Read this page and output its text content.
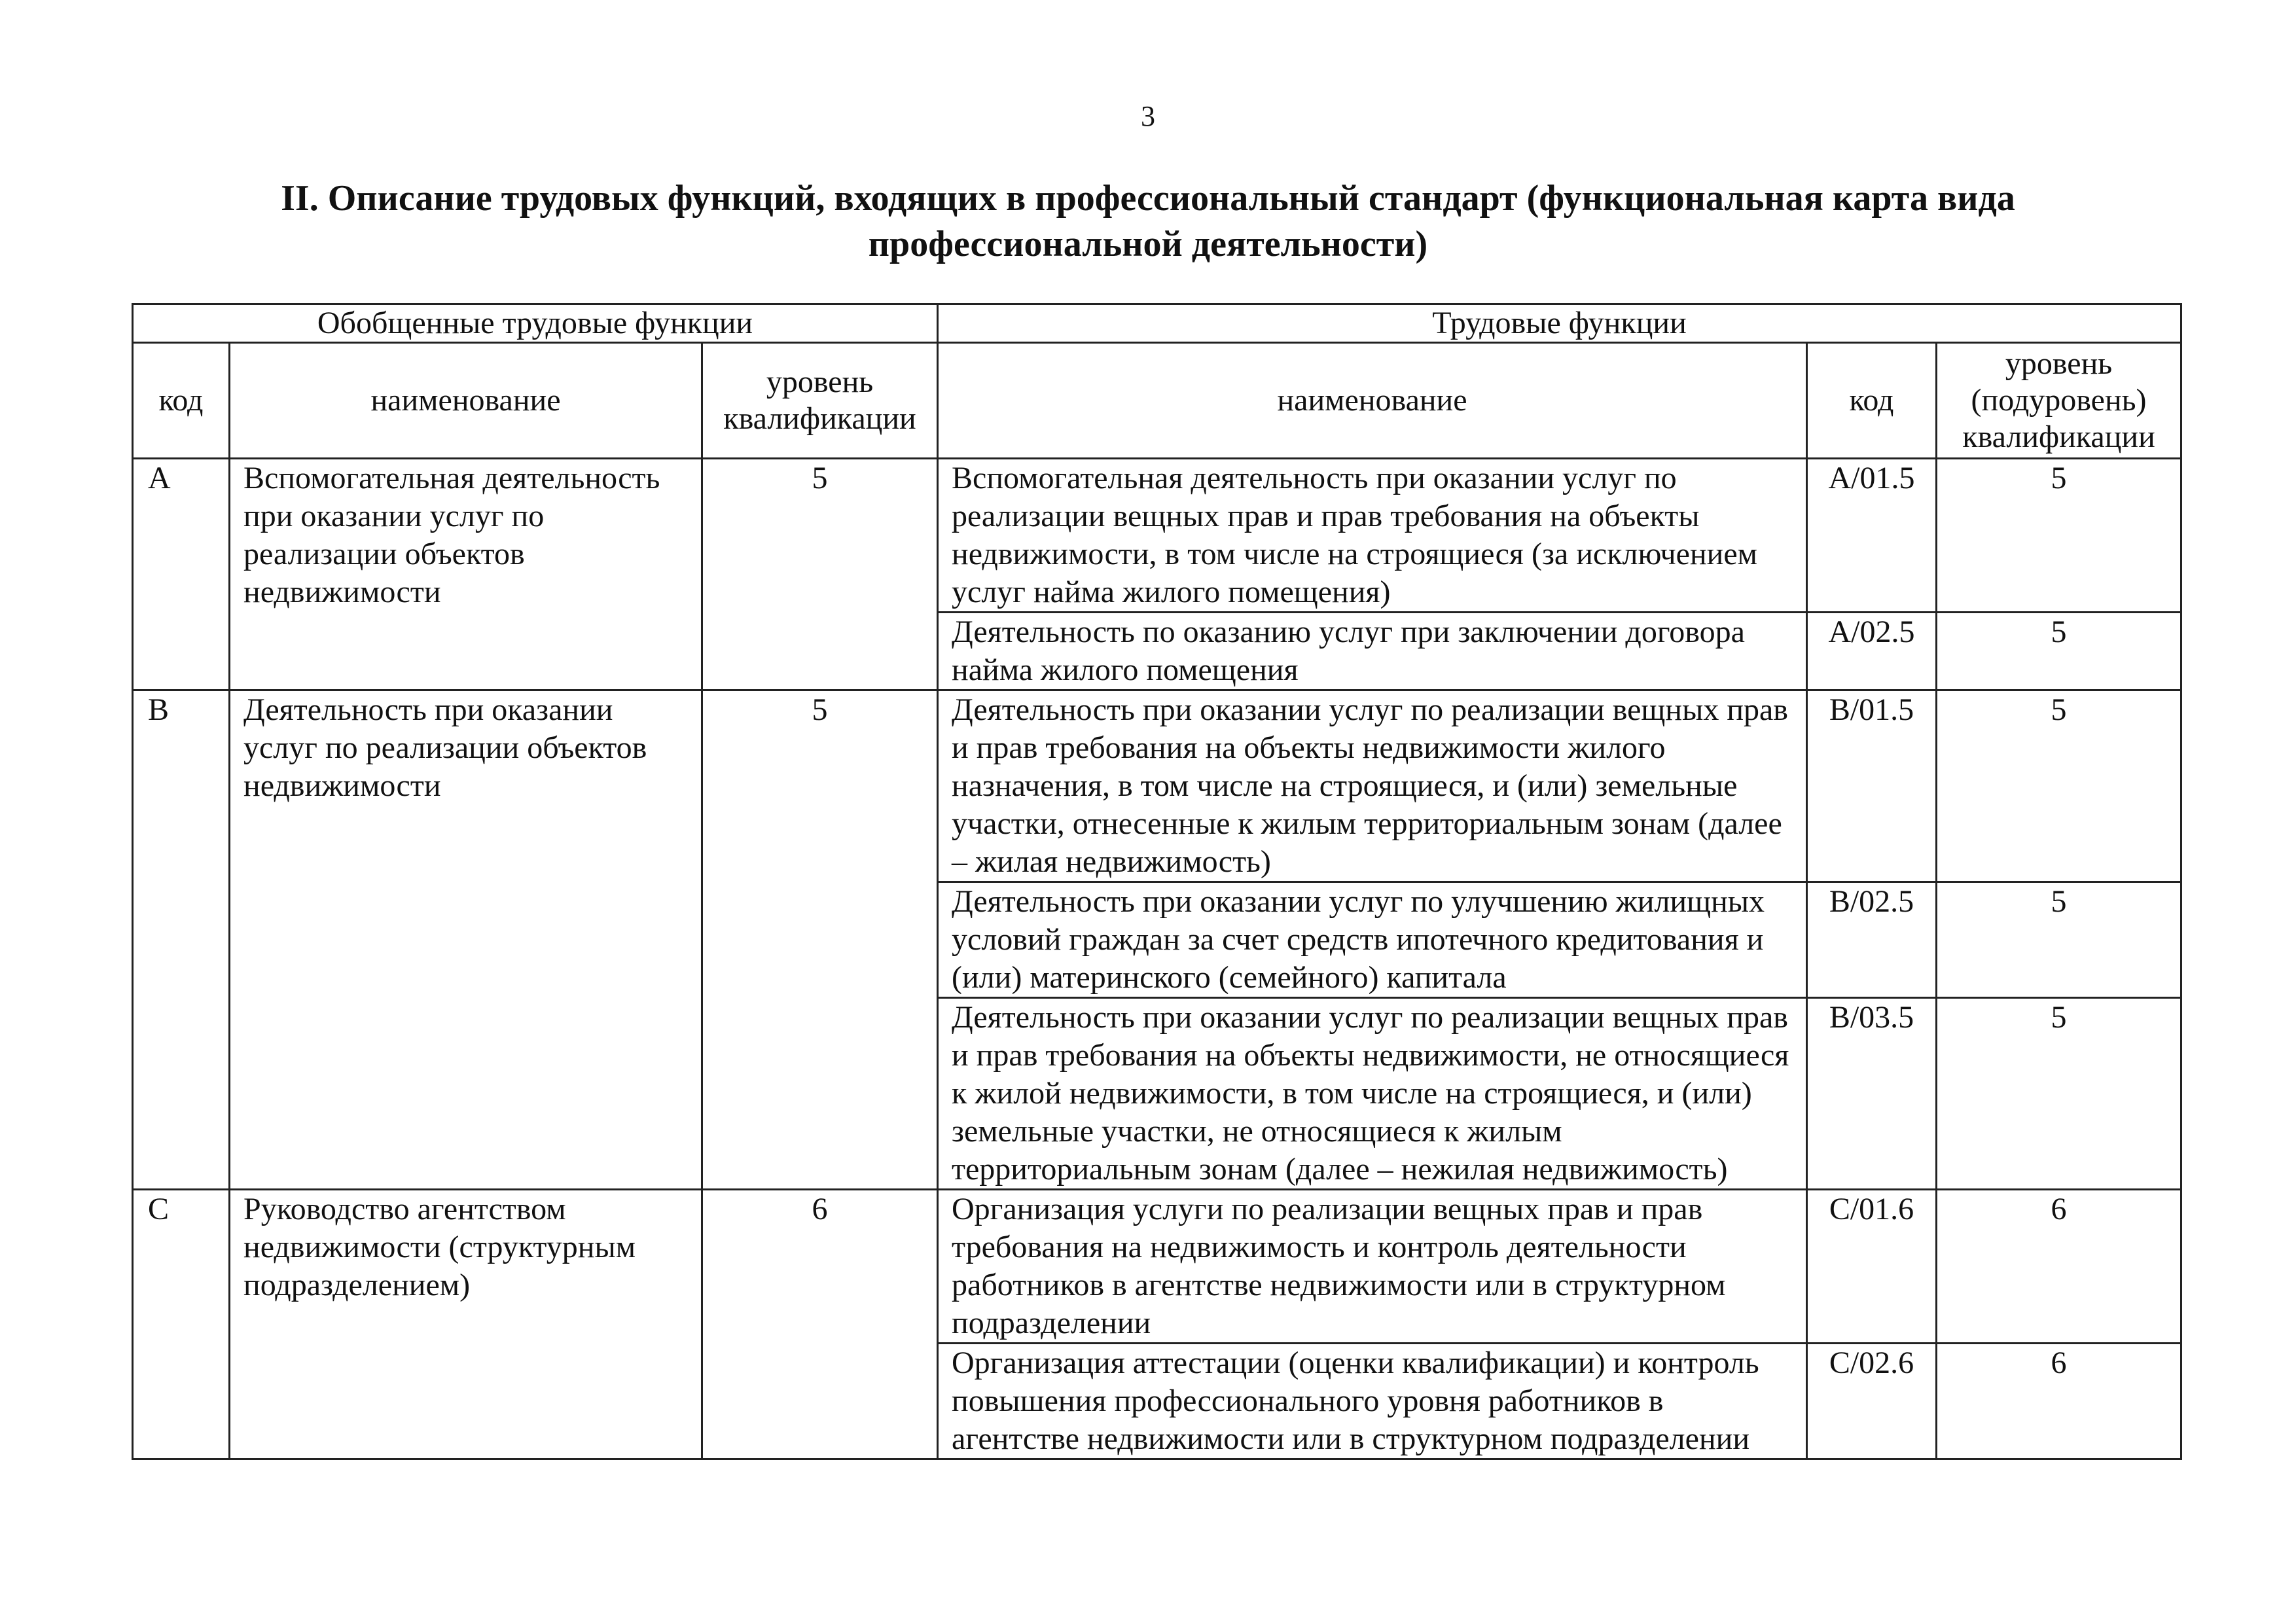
3
II. Описание трудовых функций, входящих в профессиональный стандарт (функциональная карта вида профессиональной деятельности)
Обобщенные трудовые функции			Трудовые функции		
код	наименование	уровень квалификации	наименование	код	уровень (подуровень) квалификации
A	Вспомогательная деятельность при оказании услуг по реализации объектов недвижимости	5	Вспомогательная деятельность при оказании услуг по реализации вещных прав и прав требования на объекты недвижимости, в том числе на строящиеся (за исключением услуг найма жилого помещения)	A/01.5	5
			Деятельность по оказанию услуг при заключении договора найма жилого помещения	A/02.5	5
B	Деятельность при оказании услуг по реализации объектов недвижимости	5	Деятельность при оказании услуг по реализации вещных прав и прав требования на объекты недвижимости жилого назначения, в том числе на строящиеся, и (или) земельные участки, отнесенные к жилым территориальным зонам (далее – жилая недвижимость)	B/01.5	5
			Деятельность при оказании услуг по улучшению жилищных условий граждан за счет средств ипотечного кредитования и (или) материнского (семейного) капитала	B/02.5	5
			Деятельность при оказании услуг по реализации вещных прав и прав требования на объекты недвижимости, не относящиеся к жилой недвижимости, в том числе на строящиеся, и (или) земельные участки, не относящиеся к жилым территориальным зонам (далее – нежилая недвижимость)	B/03.5	5
C	Руководство агентством недвижимости (структурным подразделением)	6	Организация услуги по реализации вещных прав и прав требования на недвижимость и контроль деятельности работников в агентстве недвижимости или в структурном подразделении	C/01.6	6
			Организация аттестации (оценки квалификации) и контроль повышения профессионального уровня работников в агентстве недвижимости или в структурном подразделении	C/02.6	6
